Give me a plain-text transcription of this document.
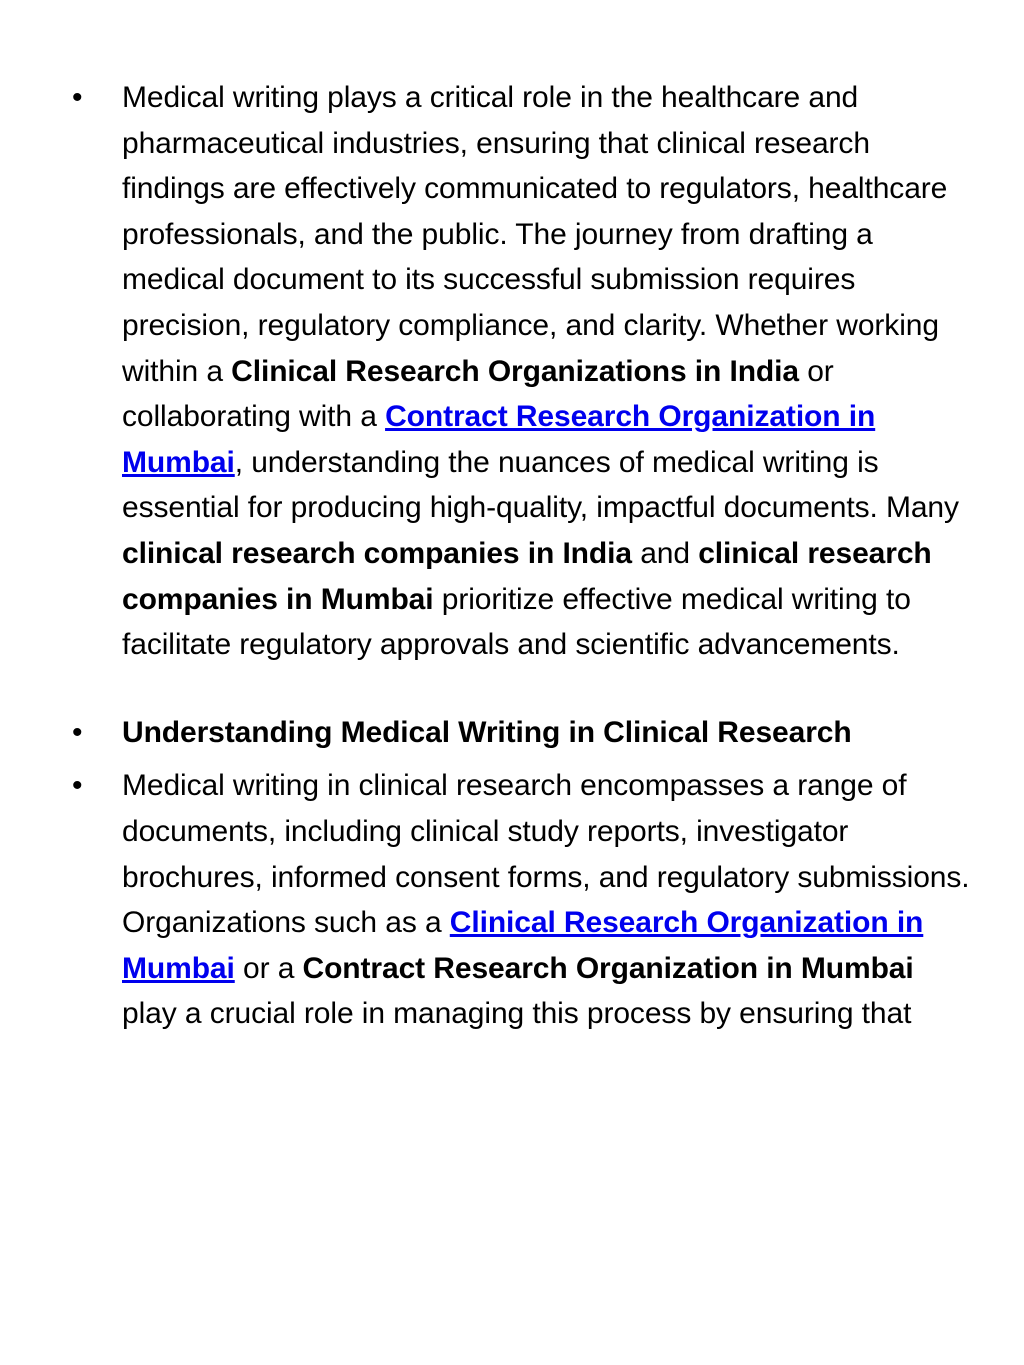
• Medical writing plays a critical role in the healthcare and pharmaceutical industries, ensuring that clinical research findings are effectively communicated to regulators, healthcare professionals, and the public. The journey from drafting a medical document to its successful submission requires precision, regulatory compliance, and clarity. Whether working within a Clinical Research Organizations in India or collaborating with a Contract Research Organization in Mumbai, understanding the nuances of medical writing is essential for producing high-quality, impactful documents. Many clinical research companies in India and clinical research companies in Mumbai prioritize effective medical writing to facilitate regulatory approvals and scientific advancements.
• Understanding Medical Writing in Clinical Research
• Medical writing in clinical research encompasses a range of documents, including clinical study reports, investigator brochures, informed consent forms, and regulatory submissions. Organizations such as a Clinical Research Organization in Mumbai or a Contract Research Organization in Mumbai play a crucial role in managing this process by ensuring that
